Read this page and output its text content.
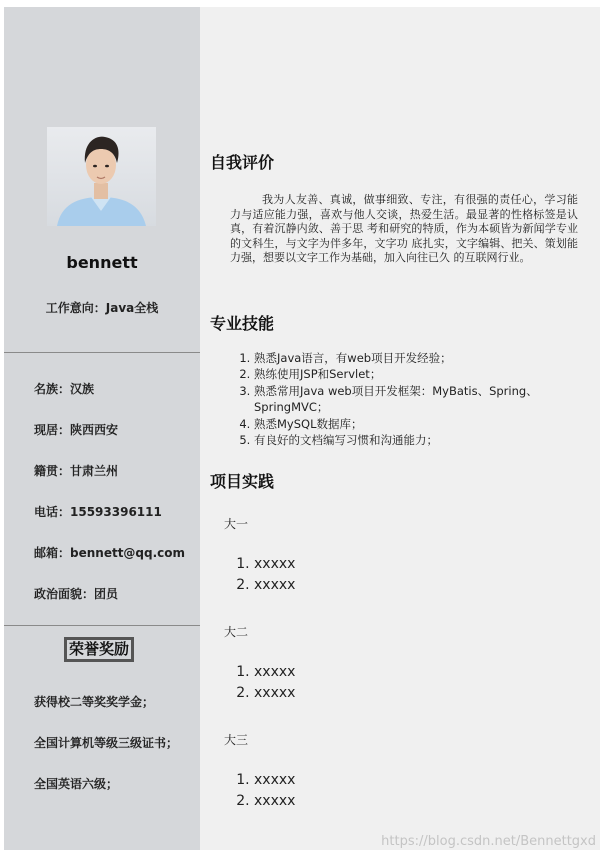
bennett
工作意向：Java全栈
名族：汉族
现居：陕西西安
籍贯：甘肃兰州
电话：15593396111
邮箱：bennett@qq.com
政治面貌：团员
荣誉奖励
获得校二等奖奖学金；
全国计算机等级三级证书；
全国英语六级；
自我评价
我为人友善、真诚，做事细致、专注，有很强的责任心，学习能力与适应能力强，喜欢与他人交谈，热爱生活。最显著的性格标签是认真，有着沉静内敛、善于思 考和研究的特质，作为本硕皆为新闻学专业的文科生，与文字为伴多年，文字功 底扎实，文字编辑、把关、策划能力强，想要以文字工作为基础，加入向往已久 的互联网行业。
专业技能
1. 熟悉Java语言，有web项目开发经验；
2. 熟练使用JSP和Servlet；
3. 熟悉常用Java web项目开发框架：MyBatis、Spring、SpringMVC；
4. 熟悉MySQL数据库；
5. 有良好的文档编写习惯和沟通能力；
项目实践
大一
1. xxxxx
2. xxxxx
大二
1. xxxxx
2. xxxxx
大三
1. xxxxx
2. xxxxx
https://blog.csdn.net/Bennettgxd
